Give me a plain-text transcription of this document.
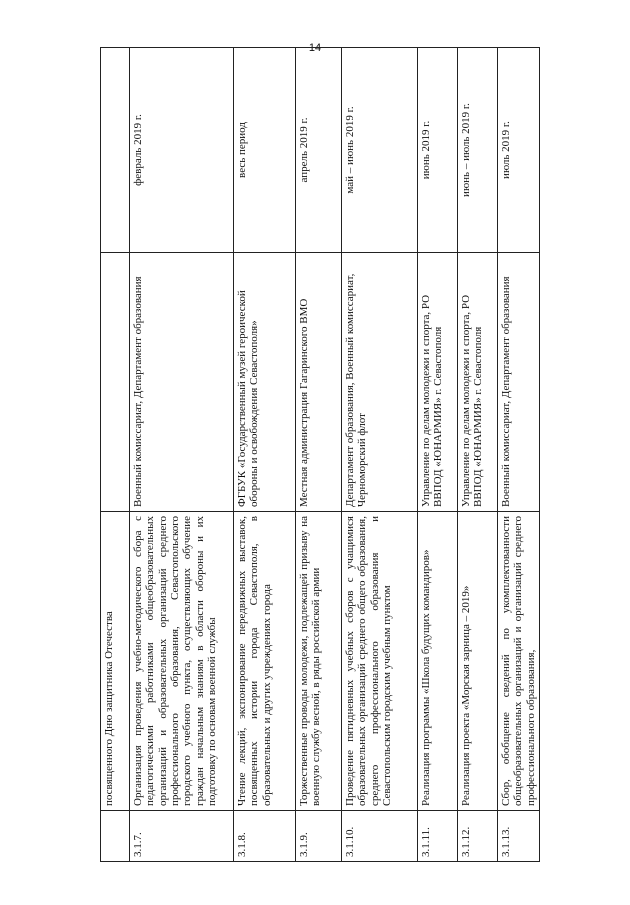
14
	посвященного Дню защитника Отечества		
3.1.7.	Организация проведения учебно-методического сбора с педагогическими работниками общеобразовательных организаций и образовательных организаций среднего профессионального образования, Севастопольского городского учебного пункта, осуществляющих обучение граждан начальным знаниям в области обороны и их подготовку по основам военной службы	Военный комиссариат, Департамент образования	февраль 2019 г.
3.1.8.	Чтение лекций, экспонирование передвижных выставок, посвященных истории города Севастополя, в образовательных и других учреждениях города	ФГБУК «Государственный музей героической обороны и освобождения Севастополя»	весь период
3.1.9.	Торжественные проводы молодежи, подлежащей призыву на военную службу весной, в ряды российской армии	Местная администрация Гагаринского ВМО	апрель 2019 г.
3.1.10.	Проведение пятидневных учебных сборов с учащимися образовательных организаций среднего общего образования, среднего профессионального образования и Севастопольским городским учебным пунктом	Департамент образования, Военный комиссариат, Черноморский флот	май – июнь 2019 г.
3.1.11.	Реализация программы «Школа будущих командиров»	Управление по делам молодежи и спорта, РО ВВПОД «ЮНАРМИЯ» г. Севастополя	июнь 2019 г.
3.1.12.	Реализация проекта «Морская зарница – 2019»	Управление по делам молодежи и спорта, РО ВВПОД «ЮНАРМИЯ» г. Севастополя	июнь – июль 2019 г.
3.1.13.	Сбор, обобщение сведений по укомплектованности общеобразовательных организаций и организаций среднего профессионального образования,	Военный комиссариат, Департамент образования	июль 2019 г.
